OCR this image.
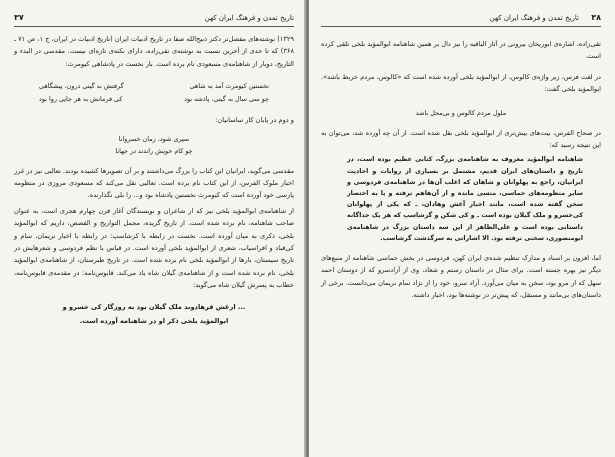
۳۷	تاریخ تمدن و فرهنگ ایران کهن

۱۳۲۹) نوشته‌های مفصل‌تر دکتر ذبیح‌الله صفا در تاریخ ادبیات ایران (تاریخ ادبیات در ایران، ج ۱، ص ۷۱ ـ ۳۶۸) که تا حدی از آخرین نسبت به نوشته‌ی تقی‌زاده، دارای نکته‌ی تازه‌ای نیست. مقدسی در البدء و التاریخ، دوبار از شاهنامه‌ی مسعودی نام برده است. بار نخست در پادشاهی کیومرث:

نخستین کیومرث آمد به شاهی
گرفتش به گیتی درون، پیشگاهی
چو سی سال به گیتی، پادشه بود
کی فرمانش به هر جایی روا بود

و دوم در پایان کار ساسانیان:

سپری شود، زمان خسروانا
چو کام خویش راندند در جهانا

مقدسی می‌گوید، ایرانیان این کتاب را بزرگ می‌داشتند و بر آن تصویرها کشیده بودند. تعالبی نیز در غرر اخبار ملوک الفرس، از این کتاب نام برده است. تعالبی نقل می‌کند که مسعودی مروزی در منظومه پارسی خود آورده است که کیومرث نخستین پادشاه بود و... را بلی نگذارنده.

از شاهنامه‌ی ابوالمؤید بلخی نیز که از شاعران و نویسندگان آغاز قرن چهارم هجری است، به عنوان صاحب شاهنامه، نام برده شده است. از تاریخ گزیده، مجمل التواریخ و القصص، داریم که ابوالمؤید بلخی، ذکری به میان آورده است. نخست در رابطه با کرشاسپ: در رابطه با اخبار نریمان، سام و کی‌قباد و افراسیاب، شعری از ابوالمؤید بلخی آورده است. در قیاس با نظم فردوسی و شعرهایش در تاریخ سیستان، بارها از ابوالمؤید بلخی نام برده شده است. در تاریخ طبرستان، از شاهنامه‌ی ابوالمؤید بلخی، نام برده شده است و از شاهنامه‌ی گیلان شاه یاد می‌کند. قابوس‌نامه: در مقدمه‌ی قابوس‌نامه، خطاب به پسرش گیلان شاه می‌گوید:

... ارغش فرهادوند ملک گیلان بود به روزگار کی خسرو و
ابوالمؤید بلخی ذکر او در شاهنامه آورده است.
تاریخ تمدن و فرهنگ ایران کهن ۳۸

تقی‌زاده، اشاره‌ی ابوریحان بیرونی در آثار الباقیه را نیز دال بر همین شاهنامه ابوالمؤید بلخی تلقی کرده است.

در لغت فرس، زیر واژه‌ی کالوس، از ابوالمؤید بلخی آورده شده است که «کالوس، مردم خربط باشد». ابوالمؤید بلخی گفت:

ملول مردم کالوس و بی‌محل باشد

در صحاح الفرس، بیت‌های بیش‌تری از ابوالمؤید بلخی نقل شده است. از آن چه آورده شد، می‌توان به این نتیجه رسید که:

شاهنامه ابوالمؤید معروف به شاهنامه‌ی بزرگ، کتابی عظیم بوده است، در تاریخ و داستان‌های ایران قدیم، مشتمل بر بسیاری از روایات و احادیث ایرانیان، راجع به پهلوانان و شاهان که اغلب آن‌ها در شاهنامه‌ی فردوسی و سایر منظومه‌های حماسی، منسی مانده و از آن‌هاهم نرفته و یا به اختصار سخن گفته شده است، مانند اخبار آغش وهادان، ـ که یکی از پهلوانان کی‌خسرو و ملک گیلان بوده است ـ و کی شکن و گرشاسپ که هر یک جداگانه داستانی بوده است و علی‌الظاهر از این سه داستان بزرگ در شاهنامه‌ی ابومنصوری، سخنی نرفته بود. الا اشاراتی به سرگذشت گرشاسب.

اما، افزون بر اسناد و مدارک تنظیم شده‌ی ایران کهن، فردوسی در بخش حماسی شاهنامه از منبع‌های دیگر نیز بهره جسته است. برای مثال در داستان رستم و شغاد، وی از آزادسرو که از دوستان احمد سهل که از مرو بود، سخن به میان می‌آورد. آزاد سرو، خود را از نژاد سام نریمان می‌دانست. برخی از داستان‌های بی‌مانند و مستقل، که پیش‌تر در نوشته‌ها بود، اخبار داشته.
